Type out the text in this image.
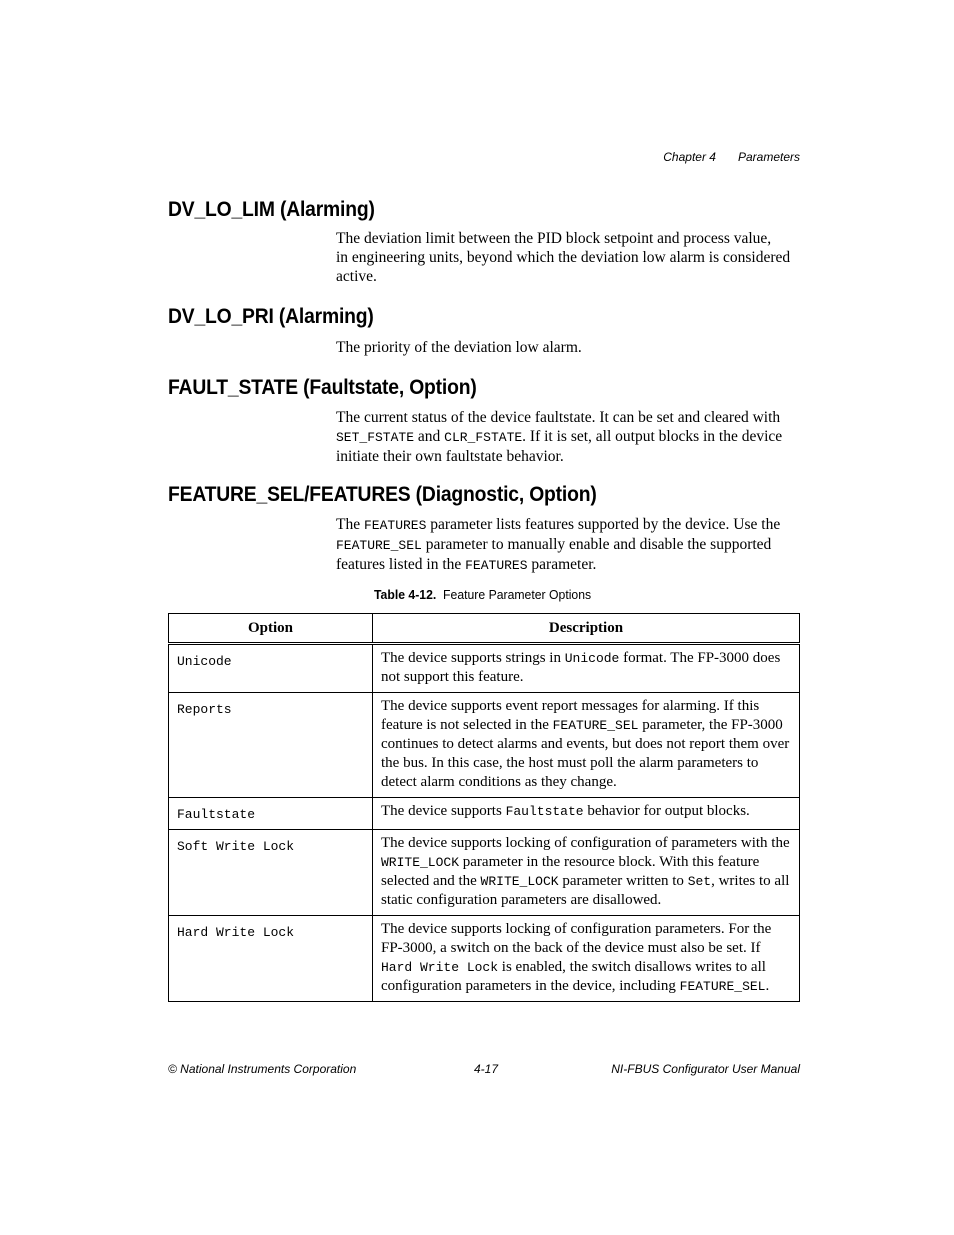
Chapter 4 Parameters
DV_LO_LIM (Alarming)

The deviation limit between the PID block setpoint and process value,
in engineering units, beyond which the deviation low alarm is considered
active.

DV_LO_PRI (Alarming)

The priority of the deviation low alarm.

FAULT_STATE (Faultstate, Option)

The current status of the device faultstate. It can be set and cleared with
SET_FSTATE and CLR_FSTATE. If it is set, all output blocks in the device
initiate their own faultstate behavior.

FEATURE_SEL/FEATURES (Diagnostic, Option)

The FEATURES parameter lists features supported by the device. Use the
FEATURE_SEL parameter to manually enable and disable the supported
features listed in the FEATURES parameter.

Table 4-12. Feature Parameter Options
Option	Description
Unicode	The device supports strings in Unicode format. The FP-3000 does not support this feature.
Reports	The device supports event report messages for alarming. If this feature is not selected in the FEATURE_SEL parameter, the FP-3000 continues to detect alarms and events, but does not report them over the bus. In this case, the host must poll the alarm parameters to detect alarm conditions as they change.
Faultstate	The device supports Faultstate behavior for output blocks.
Soft Write Lock	The device supports locking of configuration of parameters with the WRITE_LOCK parameter in the resource block. With this feature selected and the WRITE_LOCK parameter written to Set, writes to all static configuration parameters are disallowed.
Hard Write Lock	The device supports locking of configuration parameters. For the FP-3000, a switch on the back of the device must also be set. If Hard Write Lock is enabled, the switch disallows writes to all configuration parameters in the device, including FEATURE_SEL.
© National Instruments Corporation	4-17	NI-FBUS Configurator User Manual
